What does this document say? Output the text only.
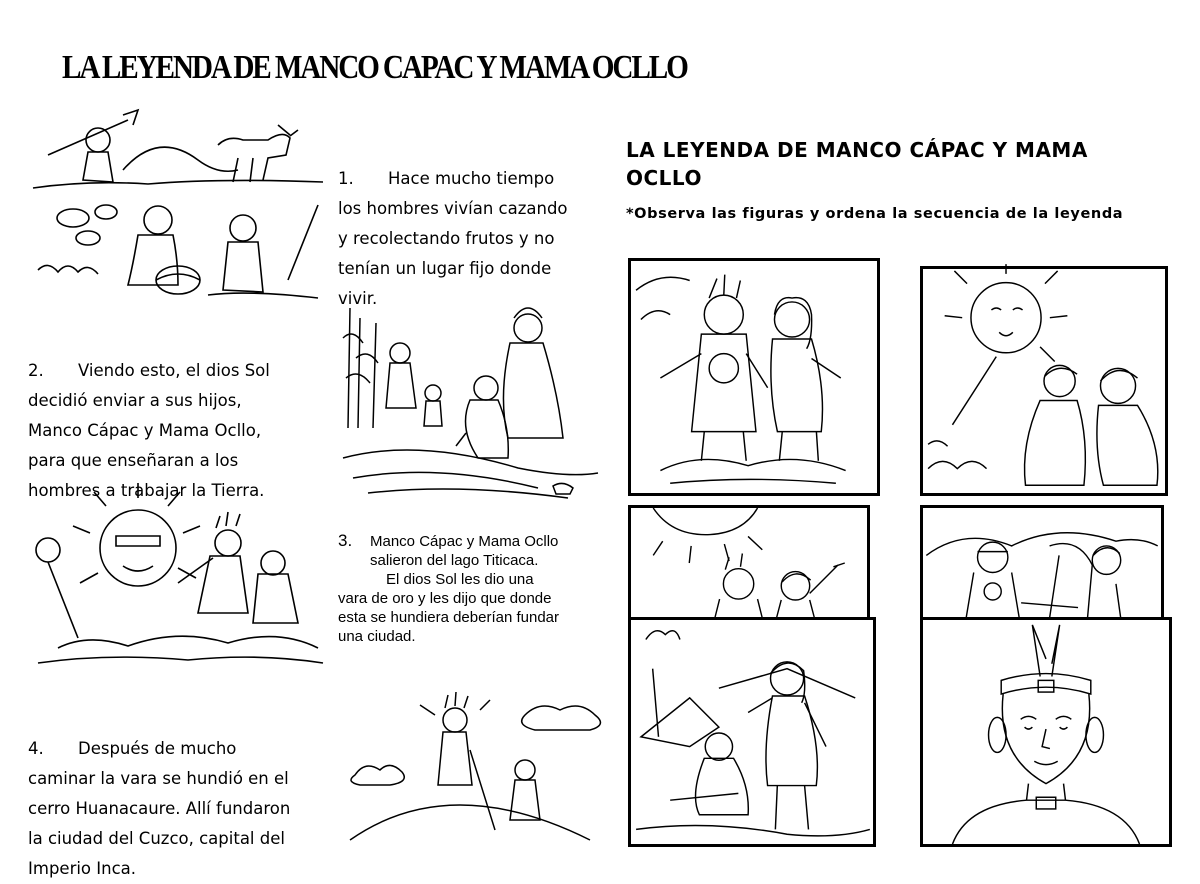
LA LEYENDA DE MANCO CAPAC Y MAMA OCLLO

1. Hace mucho tiempo
los hombres vivían cazando
y recolectando frutos y no
tenían un lugar fijo donde
vivir.

2. Viendo esto, el dios Sol
decidió enviar a sus hijos,
Manco Cápac y Mama Ocllo,
para que enseñaran a los
hombres a trabajar la Tierra.

3. Manco Cápac y Mama Ocllo
salieron del lago Titicaca.
El dios Sol les dio una
vara de oro y les dijo que donde
esta se hundiera deberían fundar
una ciudad.

4. Después de mucho
caminar la vara se hundió en el
cerro Huanacaure. Allí fundaron
la ciudad del Cuzco, capital del
Imperio Inca.

LA LEYENDA DE MANCO CÁPAC Y MAMA OCLLO
*Observa las figuras y ordena la secuencia de la leyenda
